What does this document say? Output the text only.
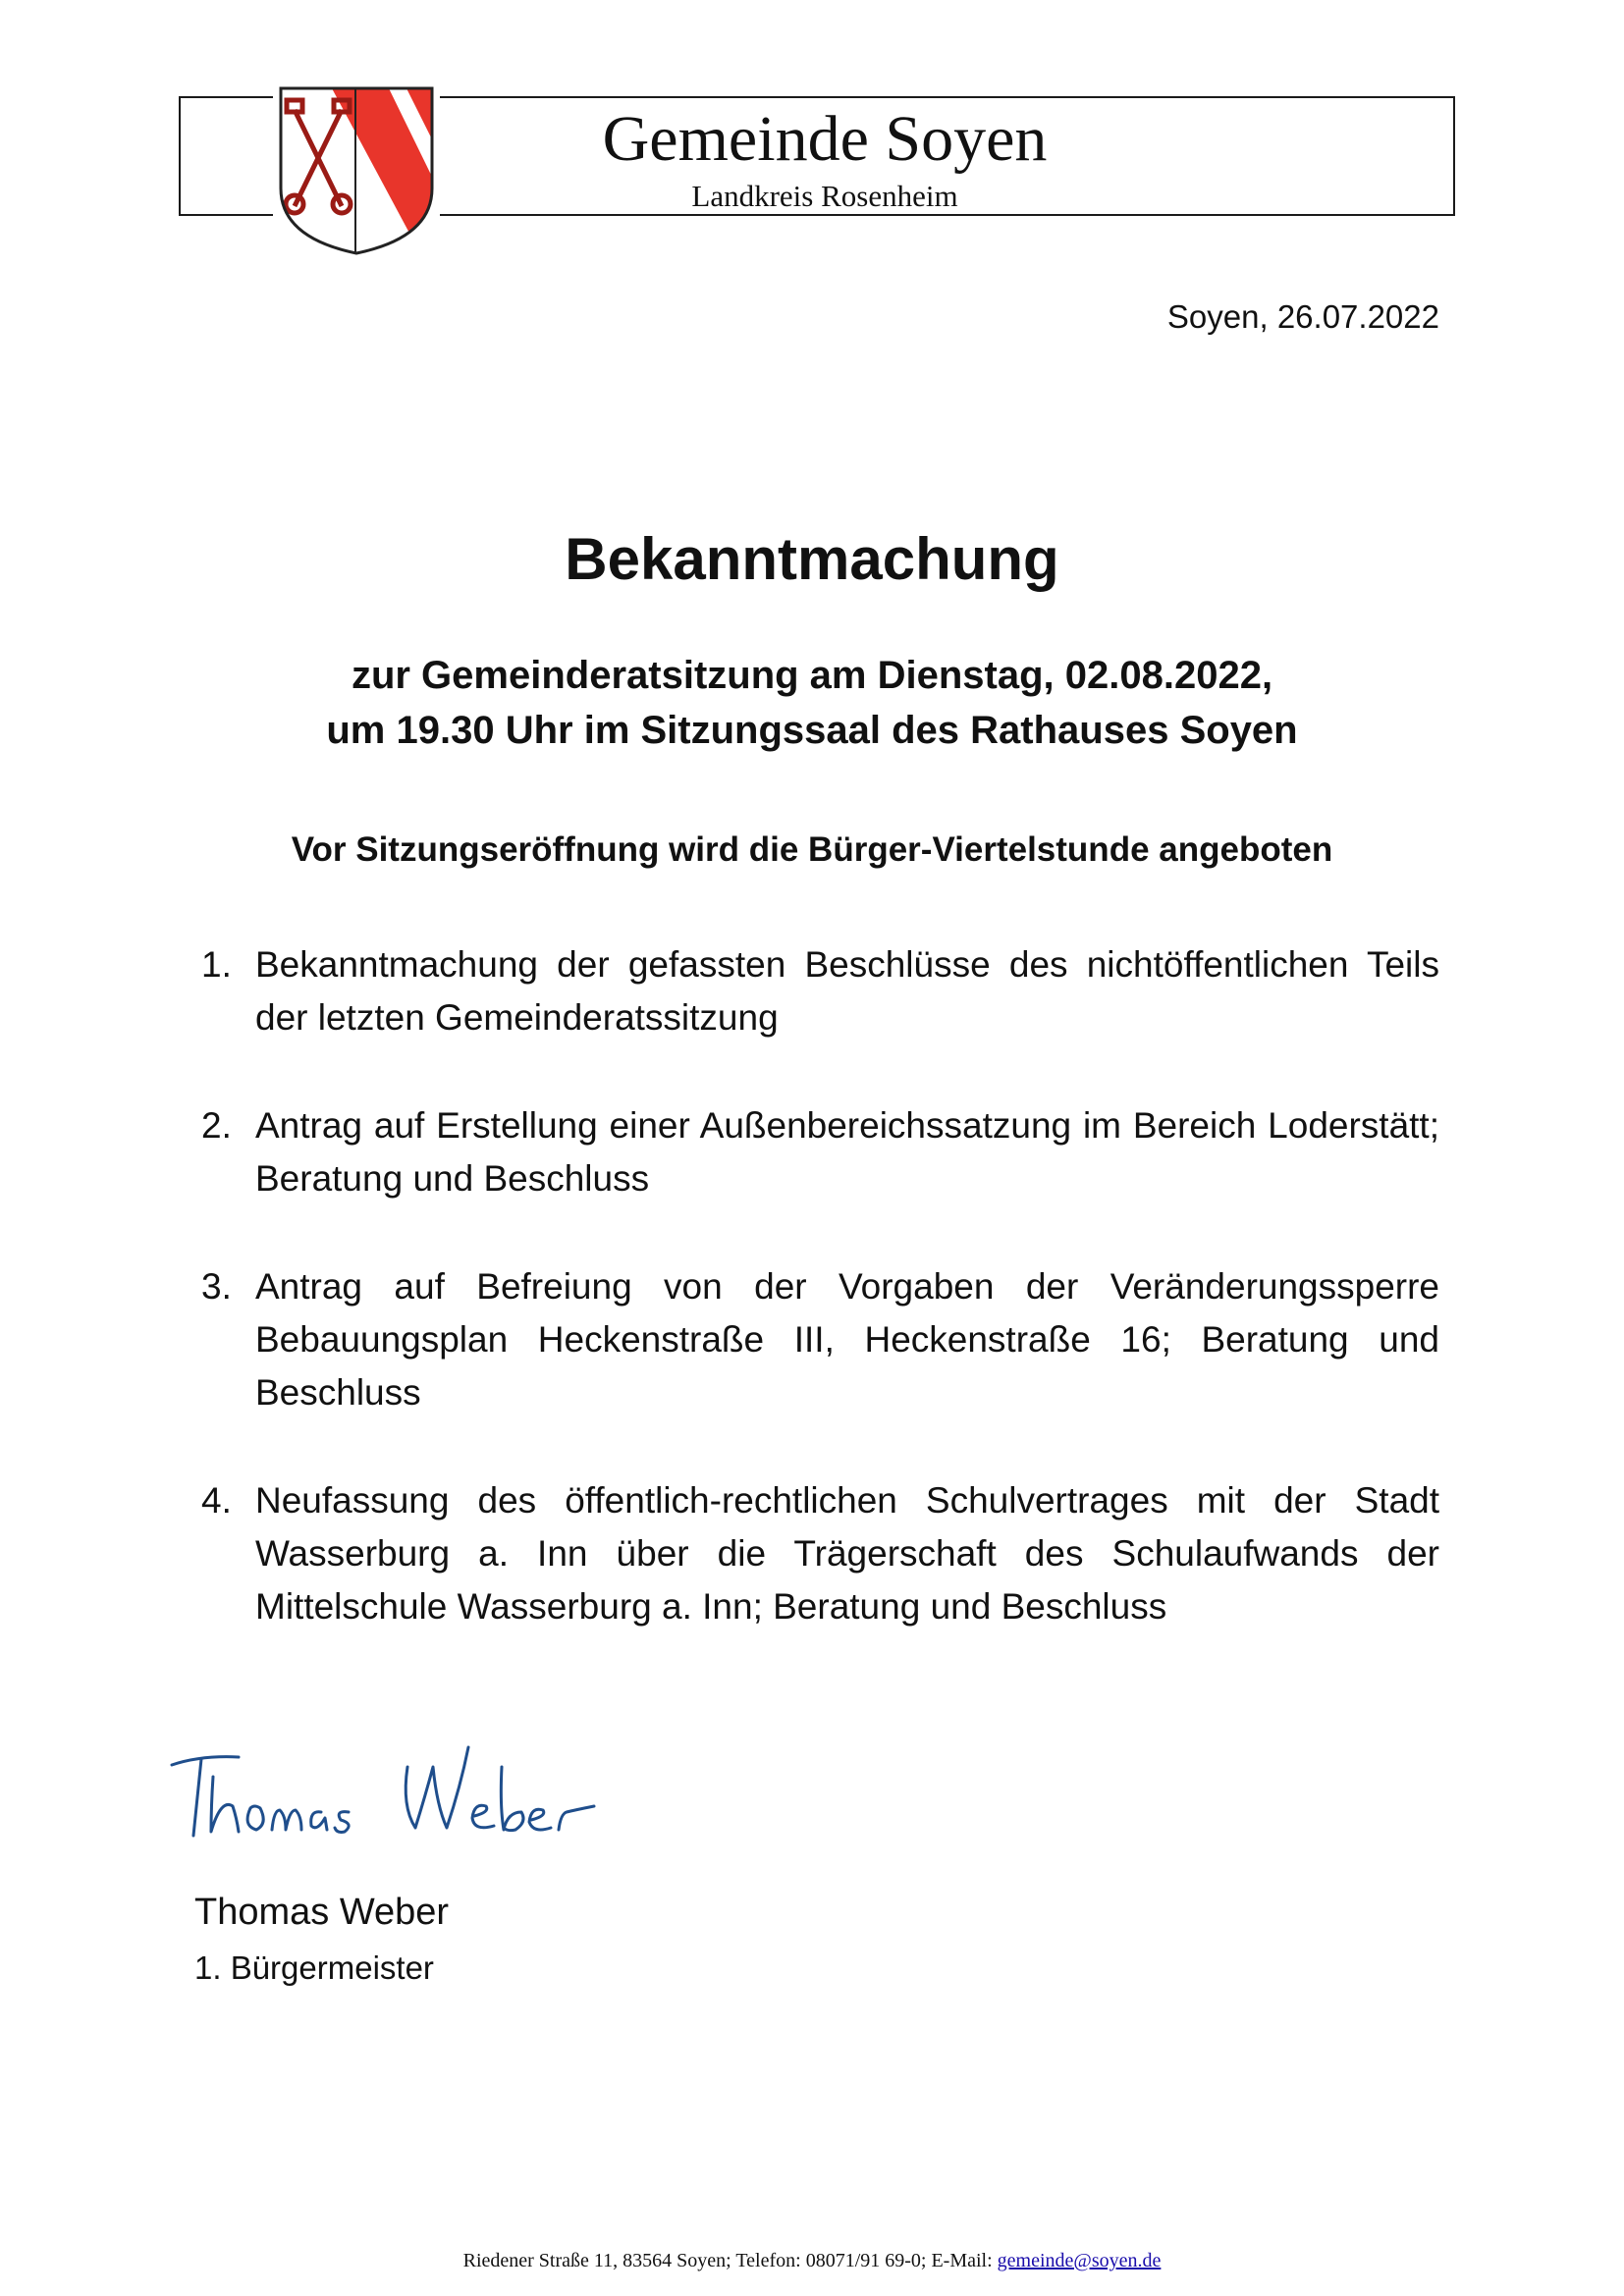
Gemeinde Soyen
Landkreis Rosenheim
Soyen, 26.07.2022
Bekanntmachung
zur Gemeinderatsitzung am Dienstag, 02.08.2022,
um 19.30 Uhr im Sitzungssaal des Rathauses Soyen
Vor Sitzungseröffnung wird die Bürger-Viertelstunde angeboten
1. Bekanntmachung der gefassten Beschlüsse des nichtöffentlichen Teils der letzten Gemeinderatssitzung
2. Antrag auf Erstellung einer Außenbereichssatzung im Bereich Loderstätt; Beratung und Beschluss
3. Antrag auf Befreiung von der Vorgaben der Veränderungssperre Bebauungsplan Heckenstraße III, Heckenstraße 16; Beratung und Beschluss
4. Neufassung des öffentlich-rechtlichen Schulvertrages mit der Stadt Wasserburg a. Inn über die Trägerschaft des Schulaufwands der Mittelschule Wasserburg a. Inn; Beratung und Beschluss
Thomas Weber
1. Bürgermeister
Riedener Straße 11, 83564 Soyen; Telefon: 08071/91 69-0; E-Mail: gemeinde@soyen.de
